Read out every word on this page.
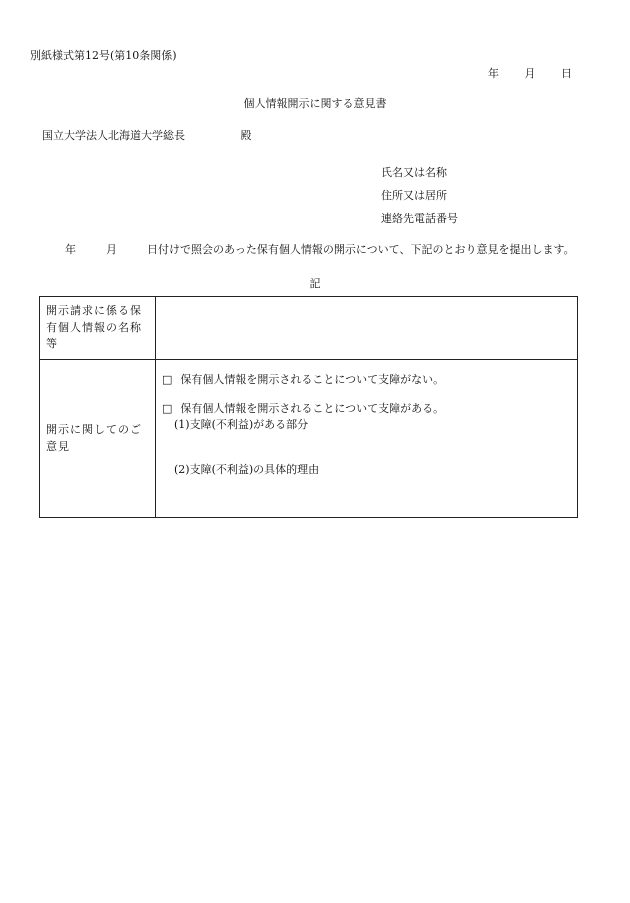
別紙様式第12号(第10条関係)
年 月 日
個人情報開示に関する意見書
国立大学法人北海道大学総長	殿
氏名又は名称
住所又は居所
連絡先電話番号
年	月	日付けで照会のあった保有個人情報の開示について、下記のとおり意見を提出します。
記
開示請求に係る保有個人情報の名称等	
開示に関してのご意見	□ 保有個人情報を開示されることについて支障がない。
□ 保有個人情報を開示されることについて支障がある。
(1)支障(不利益)がある部分
(2)支障(不利益)の具体的理由
